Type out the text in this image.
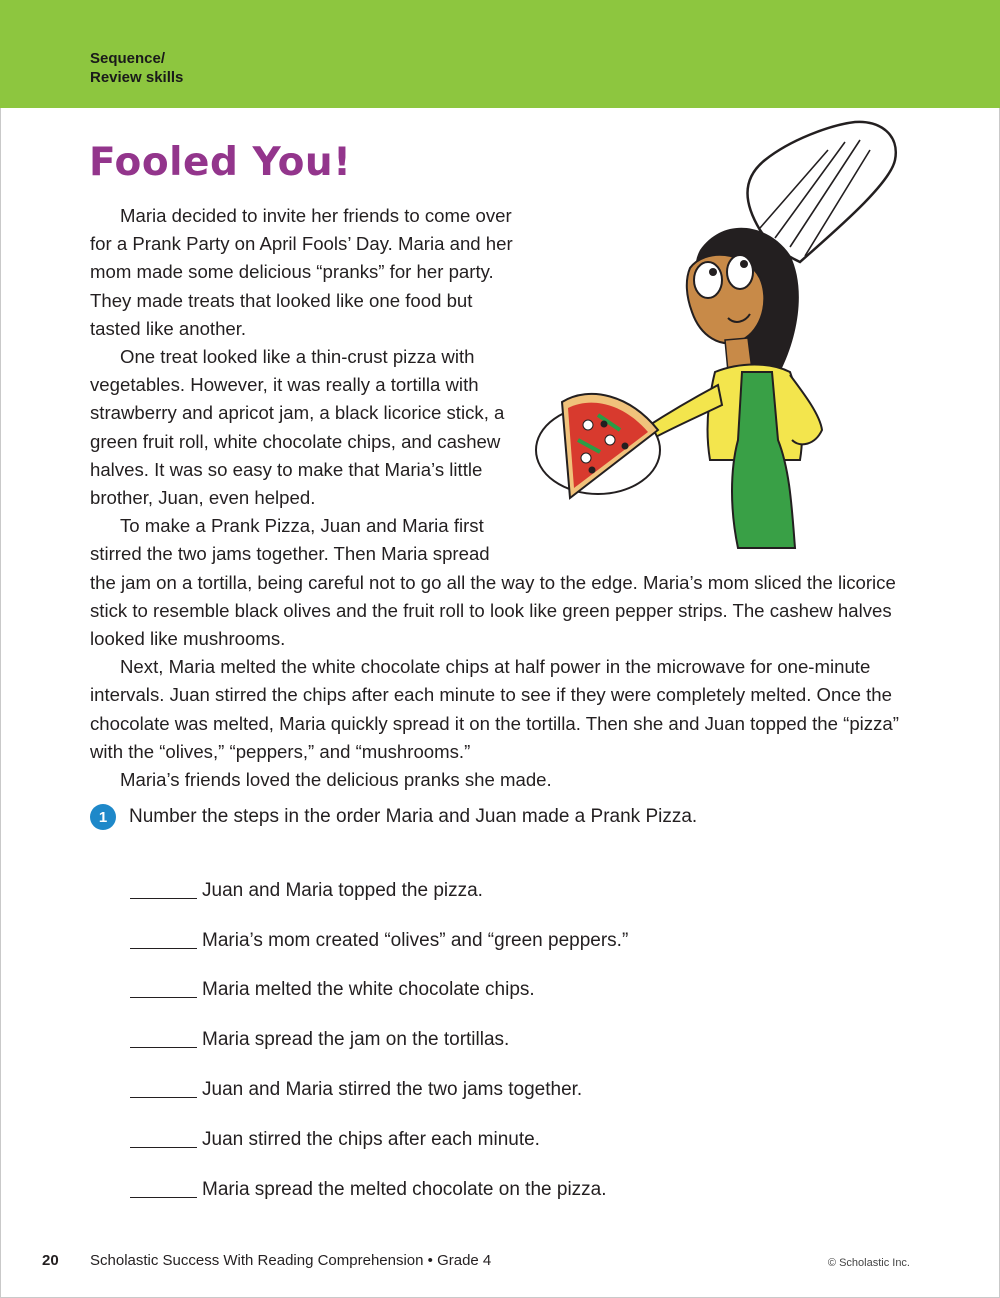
Sequence/
Review skills
Fooled You!

Maria decided to invite her friends to come over for a Prank Party on April Fools’ Day. Maria and her mom made some delicious “pranks” for her party. They made treats that looked like one food but tasted like another.

One treat looked like a thin-crust pizza with vegetables. However, it was really a tortilla with strawberry and apricot jam, a black licorice stick, a green fruit roll, white chocolate chips, and cashew halves. It was so easy to make that Maria’s little brother, Juan, even helped.

To make a Prank Pizza, Juan and Maria first stirred the two jams together. Then Maria spread the jam on a tortilla, being careful not to go all the way to the edge. Maria’s mom sliced the licorice stick to resemble black olives and the fruit roll to look like green pepper strips. The cashew halves looked like mushrooms.

Next, Maria melted the white chocolate chips at half power in the microwave for one-minute intervals. Juan stirred the chips after each minute to see if they were completely melted. Once the chocolate was melted, Maria quickly spread it on the tortilla. Then she and Juan topped the “pizza” with the “olives,” “peppers,” and “mushrooms.”

Maria’s friends loved the delicious pranks she made.

1	Number the steps in the order Maria and Juan made a Prank Pizza.
Juan and Maria topped the pizza.
Maria’s mom created “olives” and “green peppers.”
Maria melted the white chocolate chips.
Maria spread the jam on the tortillas.
Juan and Maria stirred the two jams together.
Juan stirred the chips after each minute.
Maria spread the melted chocolate on the pizza.
20 Scholastic Success With Reading Comprehension • Grade 4	© Scholastic Inc.
